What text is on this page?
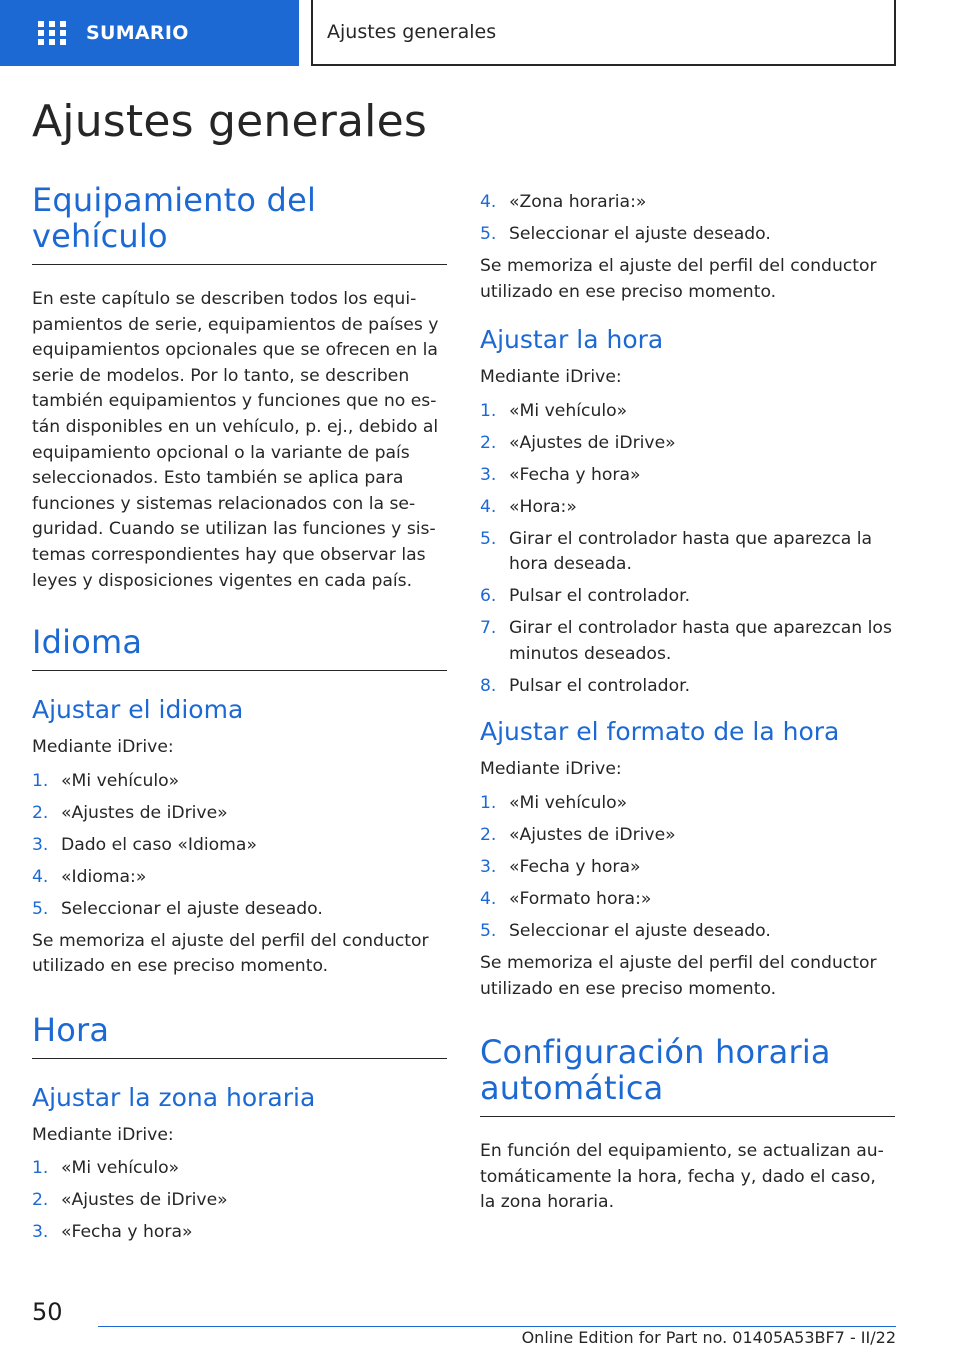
SUMARIO	Ajustes generales
Ajustes generales
Equipamiento del vehículo

En este capítulo se describen todos los equipamientos de serie, equipamientos de países y equipamientos opcionales que se ofrecen en la serie de modelos. Por lo tanto, se describen también equipamientos y funciones que no están disponibles en un vehículo, p. ej., debido al equipamiento opcional o la variante de país seleccionados. Esto también se aplica para funciones y sistemas relacionados con la seguridad. Cuando se utilizan las funciones y sistemas correspondientes hay que observar las leyes y disposiciones vigentes en cada país.

Idioma
Ajustar el idioma

Mediante iDrive:

1. «Mi vehículo»
2. «Ajustes de iDrive»
3. Dado el caso «Idioma»
4. «Idioma:»
5. Seleccionar el ajuste deseado.

Se memoriza el ajuste del perfil del conductor utilizado en ese preciso momento.

Hora
Ajustar la zona horaria

Mediante iDrive:

1. «Mi vehículo»
2. «Ajustes de iDrive»
3. «Fecha y hora»
4. «Zona horaria:»
5. Seleccionar el ajuste deseado.

Se memoriza el ajuste del perfil del conductor utilizado en ese preciso momento.

Ajustar la hora

Mediante iDrive:

1. «Mi vehículo»
2. «Ajustes de iDrive»
3. «Fecha y hora»
4. «Hora:»
5. Girar el controlador hasta que aparezca la hora deseada.
6. Pulsar el controlador.
7. Girar el controlador hasta que aparezcan los minutos deseados.
8. Pulsar el controlador.
Ajustar el formato de la hora

Mediante iDrive:

1. «Mi vehículo»
2. «Ajustes de iDrive»
3. «Fecha y hora»
4. «Formato hora:»
5. Seleccionar el ajuste deseado.

Se memoriza el ajuste del perfil del conductor utilizado en ese preciso momento.

Configuración horaria
automática

En función del equipamiento, se actualizan automáticamente la hora, fecha y, dado el caso, la zona horaria.

50
Online Edition for Part no. 01405A53BF7 - II/22
